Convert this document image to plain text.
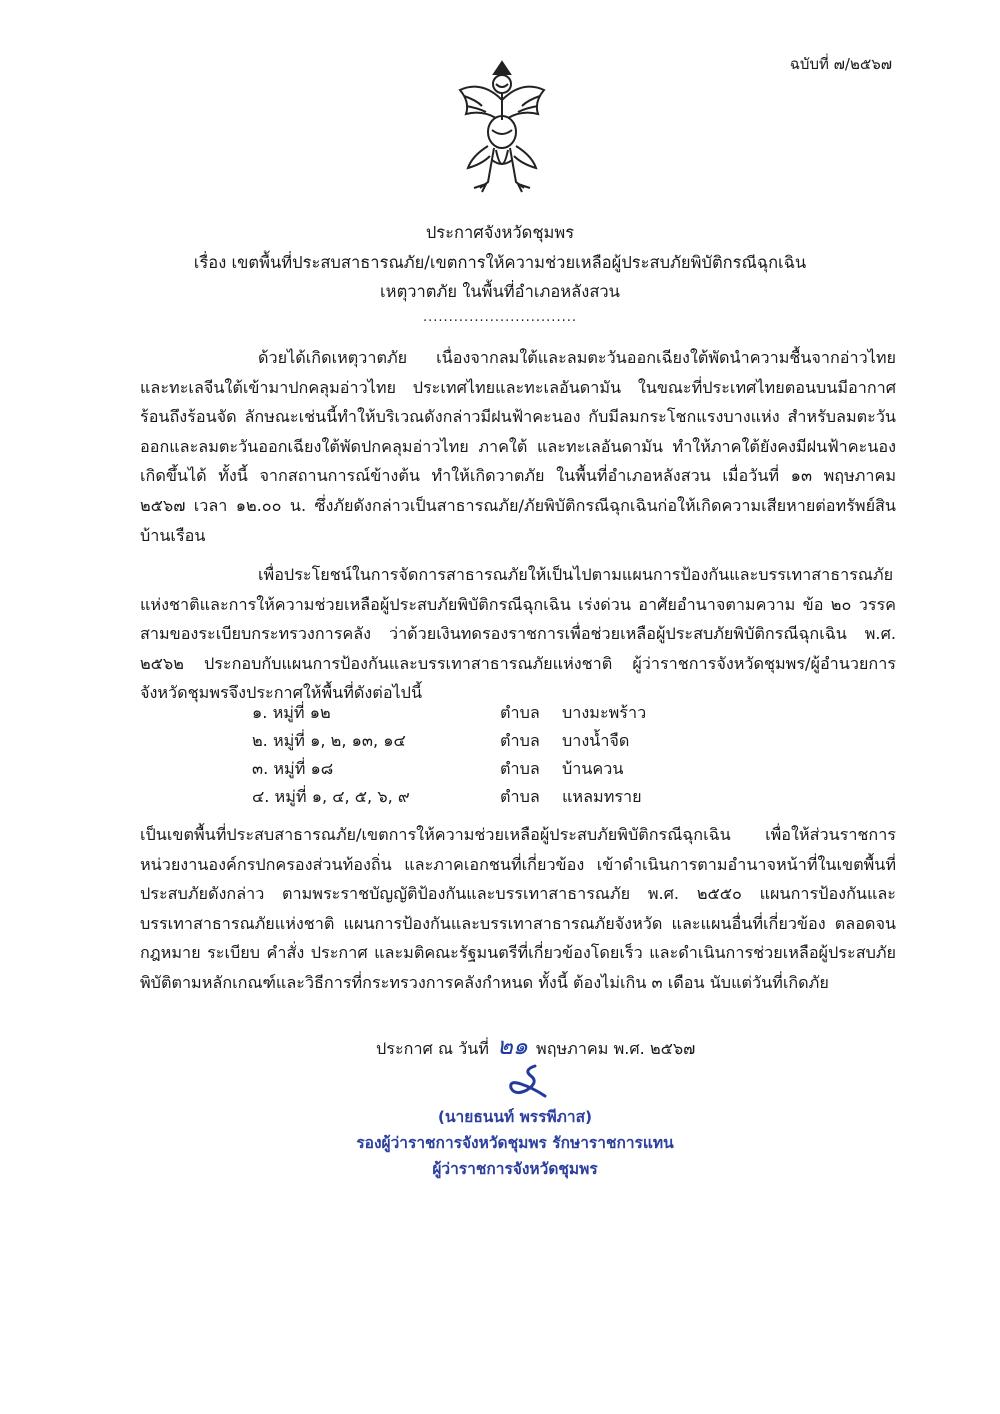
ฉบับที่ ๗/๒๕๖๗
ประกาศจังหวัดชุมพร
เรื่อง เขตพื้นที่ประสบสาธารณภัย/เขตการให้ความช่วยเหลือผู้ประสบภัยพิบัติกรณีฉุกเฉิน
เหตุวาตภัย ในพื้นที่อำเภอหลังสวน
..............................

ด้วยได้เกิดเหตุวาตภัย เนื่องจากลมใต้และลมตะวันออกเฉียงใต้พัดนำความชื้นจากอ่าวไทยและทะเลจีนใต้เข้ามาปกคลุมอ่าวไทย ประเทศไทยและทะเลอันดามัน ในขณะที่ประเทศไทยตอนบนมีอากาศร้อนถึงร้อนจัด ลักษณะเช่นนี้ทำให้บริเวณดังกล่าวมีฝนฟ้าคะนอง กับมีลมกระโชกแรงบางแห่ง สำหรับลมตะวันออกและลมตะวันออกเฉียงใต้พัดปกคลุมอ่าวไทย ภาคใต้ และทะเลอันดามัน ทำให้ภาคใต้ยังคงมีฝนฟ้าคะนองเกิดขึ้นได้ ทั้งนี้ จากสถานการณ์ข้างต้น ทำให้เกิดวาตภัย ในพื้นที่อำเภอหลังสวน เมื่อวันที่ ๑๓ พฤษภาคม ๒๕๖๗ เวลา ๑๒.๐๐ น. ซึ่งภัยดังกล่าวเป็นสาธารณภัย/ภัยพิบัติกรณีฉุกเฉินก่อให้เกิดความเสียหายต่อทรัพย์สิน บ้านเรือน

เพื่อประโยชน์ในการจัดการสาธารณภัยให้เป็นไปตามแผนการป้องกันและบรรเทาสาธารณภัยแห่งชาติและการให้ความช่วยเหลือผู้ประสบภัยพิบัติกรณีฉุกเฉิน เร่งด่วน อาศัยอำนาจตามความ ข้อ ๒๐ วรรคสามของระเบียบกระทรวงการคลัง ว่าด้วยเงินทดรองราชการเพื่อช่วยเหลือผู้ประสบภัยพิบัติกรณีฉุกเฉิน พ.ศ. ๒๕๖๒ ประกอบกับแผนการป้องกันและบรรเทาสาธารณภัยแห่งชาติ ผู้ว่าราชการจังหวัดชุมพร/ผู้อำนวยการจังหวัดชุมพรจึงประกาศให้พื้นที่ดังต่อไปนี้

๑. หมู่ที่ ๑๒	ตำบล บางมะพร้าว
๒. หมู่ที่ ๑, ๒, ๑๓, ๑๔	ตำบล บางน้ำจืด
๓. หมู่ที่ ๑๘	ตำบล บ้านควน
๔. หมู่ที่ ๑, ๔, ๕, ๖, ๙	ตำบล แหลมทราย
เป็นเขตพื้นที่ประสบสาธารณภัย/เขตการให้ความช่วยเหลือผู้ประสบภัยพิบัติกรณีฉุกเฉิน เพื่อให้ส่วนราชการ หน่วยงานองค์กรปกครองส่วนท้องถิ่น และภาคเอกชนที่เกี่ยวข้อง เข้าดำเนินการตามอำนาจหน้าที่ในเขตพื้นที่ประสบภัยดังกล่าว ตามพระราชบัญญัติป้องกันและบรรเทาสาธารณภัย พ.ศ. ๒๕๕๐ แผนการป้องกันและบรรเทาสาธารณภัยแห่งชาติ แผนการป้องกันและบรรเทาสาธารณภัยจังหวัด และแผนอื่นที่เกี่ยวข้อง ตลอดจนกฎหมาย ระเบียบ คำสั่ง ประกาศ และมติคณะรัฐมนตรีที่เกี่ยวข้องโดยเร็ว และดำเนินการช่วยเหลือผู้ประสบภัยพิบัติตามหลักเกณฑ์และวิธีการที่กระทรวงการคลังกำหนด ทั้งนี้ ต้องไม่เกิน ๓ เดือน นับแต่วันที่เกิดภัย
ประกาศ ณ วันที่ ๒๑ พฤษภาคม พ.ศ. ๒๕๖๗
(นายธนนท์ พรรพีภาส)
รองผู้ว่าราชการจังหวัดชุมพร รักษาราชการแทน
ผู้ว่าราชการจังหวัดชุมพร
